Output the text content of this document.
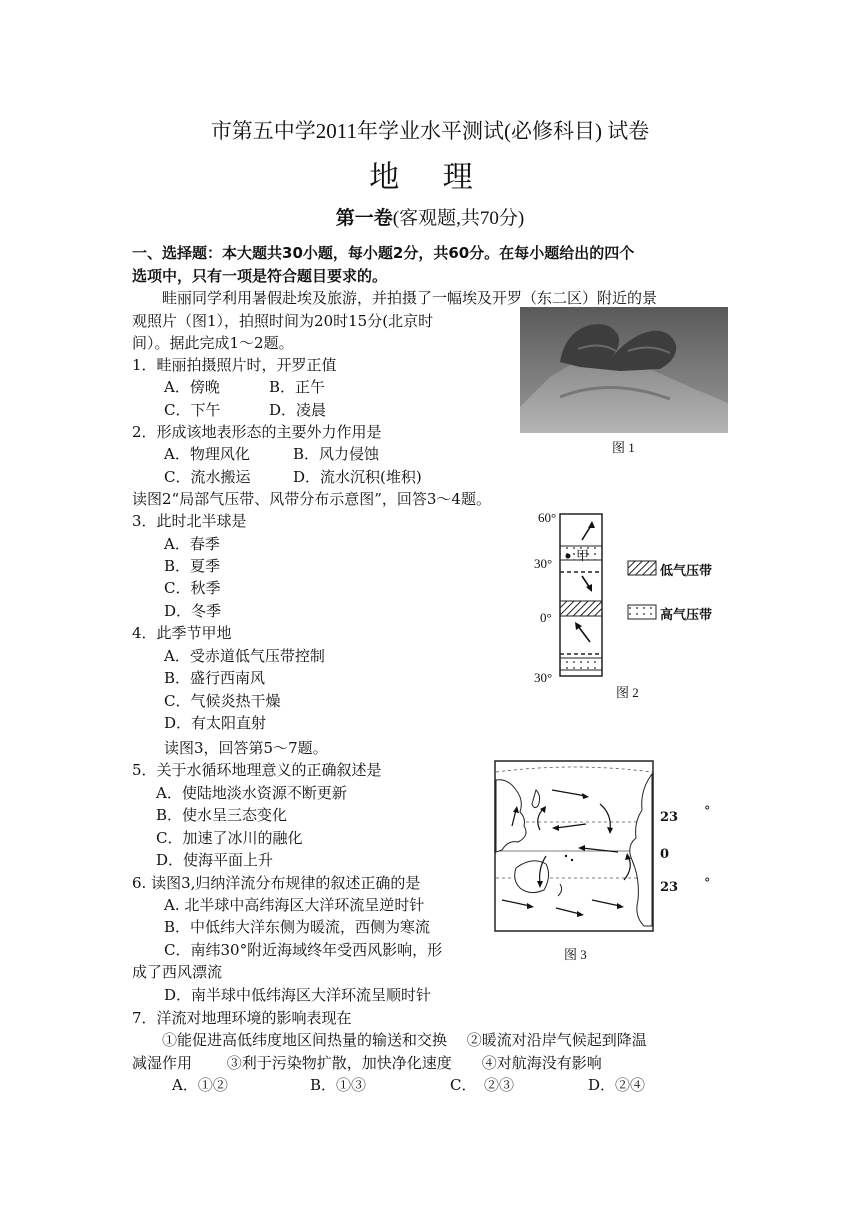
市第五中学2011年学业水平测试(必修科目) 试卷
地 理
第一卷(客观题,共70分)
一、选择题：本大题共30小题，每小题2分，共60分。在每小题给出的四个
选项中，只有一项是符合题目要求的。
畦丽同学利用暑假赴埃及旅游，并拍摄了一幅埃及开罗（东二区）附近的景
观照片（图1），拍照时间为20时15分(北京时
间）。据此完成1～2题。
1．畦丽拍摄照片时，开罗正值
A．傍晚	B．正午
C．下午	D．凌晨
2．形成该地表形态的主要外力作用是
A．物理风化	B．风力侵蚀
C．流水搬运	D．流水沉积(堆积)
图 1
读图2“局部气压带、风带分布示意图”，回答3～4题。
3．此时北半球是
A．春季
B．夏季
C．秋季
D．冬季
4．此季节甲地
A．受赤道低气压带控制
B．盛行西南风
C．气候炎热干燥
D．有太阳直射
60°
30°
0°
30°
甲
低气压带
高气压带
图 2
读图3，回答第5～7题。
5．关于水循环地理意义的正确叙述是
A．使陆地淡水资源不断更新
B．使水呈三态变化
C．加速了冰川的融化
D．使海平面上升
6. 读图3,归纳洋流分布规律的叙述正确的是
A. 北半球中高纬海区大洋环流呈逆时针
B．中低纬大洋东侧为暖流，西侧为寒流
C．南纬30°附近海域终年受西风影响，形
成了西风漂流
D．南半球中低纬海区大洋环流呈顺时针
23 °
0
23 °
图 3
7．洋流对地理环境的影响表现在
①能促进高低纬度地区间热量的输送和交换　 ②暖流对沿岸气候起到降温
减湿作用　　 ③利于污染物扩散，加快净化速度　　④对航海没有影响
A．①②	B．①③	C．　②③	D．②④
